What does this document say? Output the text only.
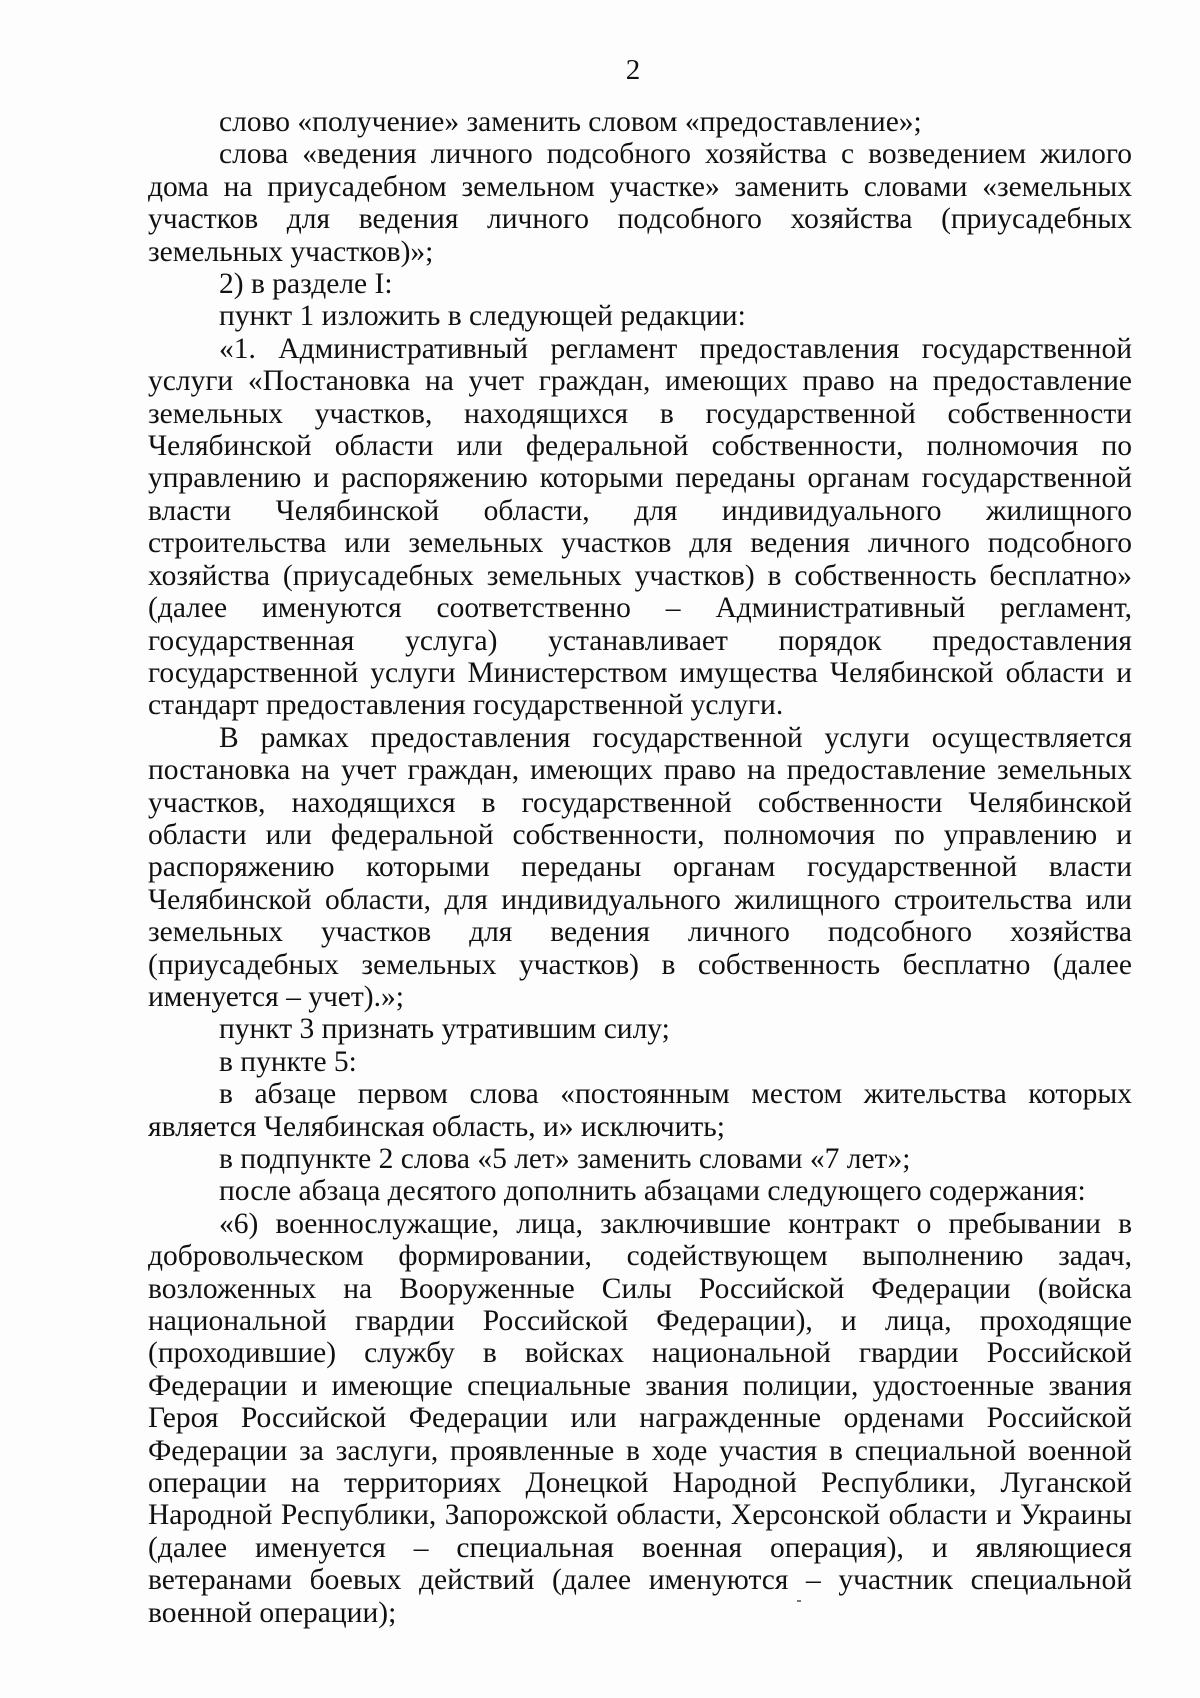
2

слово «получение» заменить словом «предоставление»;

слова «ведения личного подсобного хозяйства с возведением жилого дома на приусадебном земельном участке» заменить словами «земельных участков для ведения личного подсобного хозяйства (приусадебных земельных участков)»;

2) в разделе I:

пункт 1 изложить в следующей редакции:

«1. Административный регламент предоставления государственной услуги «Постановка на учет граждан, имеющих право на предоставление земельных участков, находящихся в государственной собственности Челябинской области или федеральной собственности, полномочия по управлению и распоряжению которыми переданы органам государственной власти Челябинской области, для индивидуального жилищного строительства или земельных участков для ведения личного подсобного хозяйства (приусадебных земельных участков) в собственность бесплатно» (далее именуются соответственно – Административный регламент, государственная услуга) устанавливает порядок предоставления государственной услуги Министерством имущества Челябинской области и стандарт предоставления государственной услуги.

В рамках предоставления государственной услуги осуществляется постановка на учет граждан, имеющих право на предоставление земельных участков, находящихся в государственной собственности Челябинской области или федеральной собственности, полномочия по управлению и распоряжению которыми переданы органам государственной власти Челябинской области, для индивидуального жилищного строительства или земельных участков для ведения личного подсобного хозяйства (приусадебных земельных участков) в собственность бесплатно (далее именуется – учет).»;

пункт 3 признать утратившим силу;

в пункте 5:

в абзаце первом слова «постоянным местом жительства которых является Челябинская область, и» исключить;

в подпункте 2 слова «5 лет» заменить словами «7 лет»;

после абзаца десятого дополнить абзацами следующего содержания:

«6) военнослужащие, лица, заключившие контракт о пребывании в добровольческом формировании, содействующем выполнению задач, возложенных на Вооруженные Силы Российской Федерации (войска национальной гвардии Российской Федерации), и лица, проходящие (проходившие) службу в войсках национальной гвардии Российской Федерации и имеющие специальные звания полиции, удостоенные звания Героя Российской Федерации или награжденные орденами Российской Федерации за заслуги, проявленные в ходе участия в специальной военной операции на территориях Донецкой Народной Республики, Луганской Народной Республики, Запорожской области, Херсонской области и Украины (далее именуется – специальная военная операция), и являющиеся ветеранами боевых действий (далее именуются – участник специальной военной операции);
